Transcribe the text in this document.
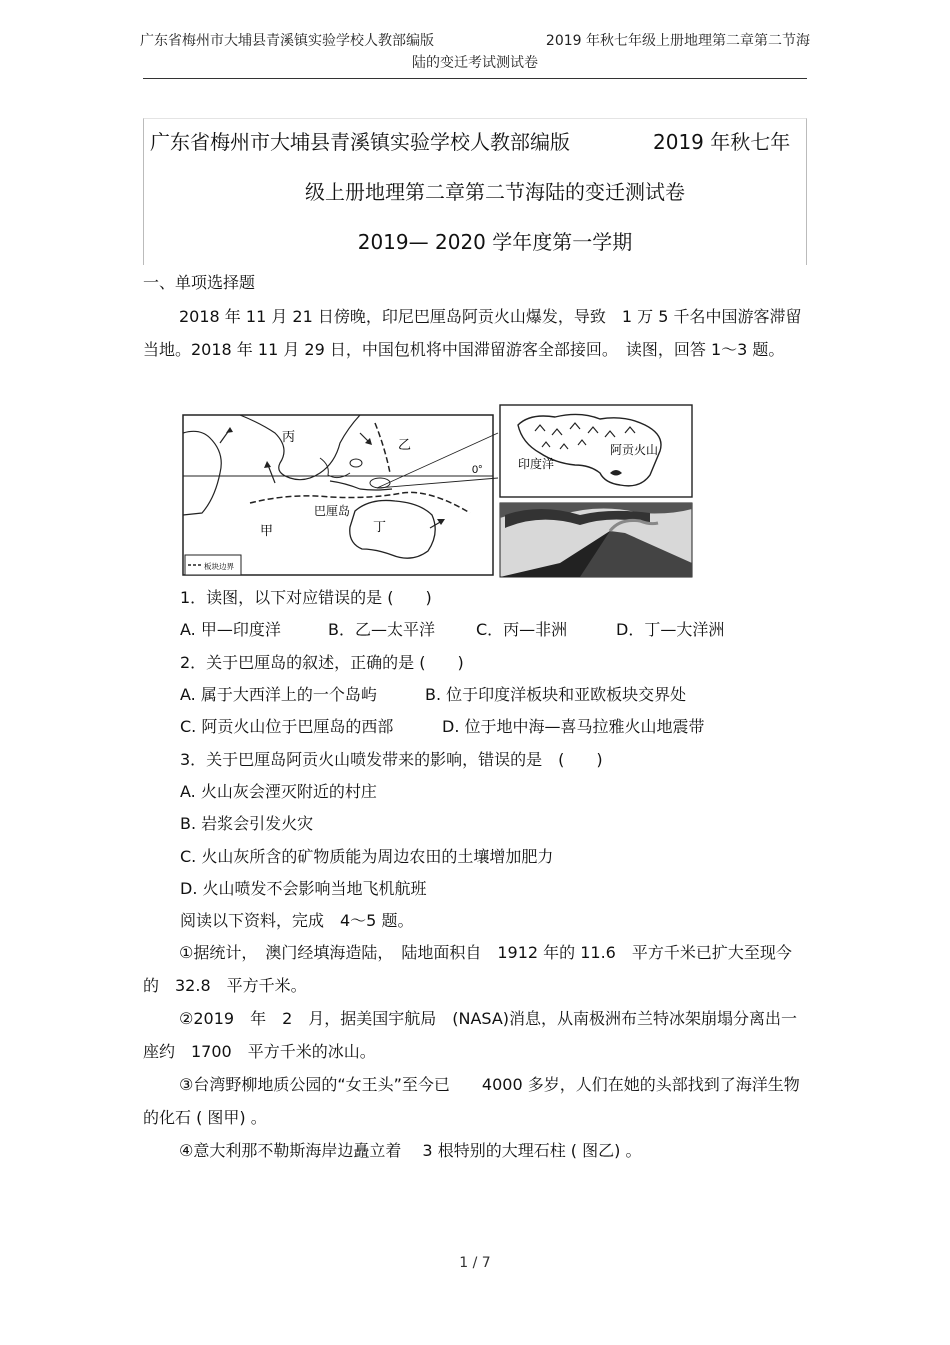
广东省梅州市大埔县青溪镇实验学校人教部编版	2019 年秋七年级上册地理第二章第二节海
陆的变迁考试测试卷
广东省梅州市大埔县青溪镇实验学校人教部编版	2019 年秋七年
级上册地理第二章第二节海陆的变迁测试卷
2019— 2020 学年度第一学期
一、单项选择题
2018 年 11 月 21 日傍晚，印尼巴厘岛阿贡火山爆发，导致　1 万 5 千名中国游客滞留当地。2018 年 11 月 29 日，中国包机将中国滞留游客全部接回。　读图，回答 1～3 题。
丙
乙
甲	丁
巴厘岛
0°
板块边界
印度洋
阿贡火山
1．读图，以下对应错误的是 (　　)
A. 甲—印度洋	B．乙—太平洋	C．丙—非洲	D．丁—大洋洲
2．关于巴厘岛的叙述，正确的是 (　　)
A. 属于大西洋上的一个岛屿	B. 位于印度洋板块和亚欧板块交界处
C. 阿贡火山位于巴厘岛的西部	D. 位于地中海—喜马拉雅火山地震带
3．关于巴厘岛阿贡火山喷发带来的影响，错误的是　(　　)
A. 火山灰会湮灭附近的村庄
B. 岩浆会引发火灾
C. 火山灰所含的矿物质能为周边农田的土壤增加肥力
D. 火山喷发不会影响当地飞机航班
阅读以下资料，完成　4～5 题。
①据统计，　澳门经填海造陆，　陆地面积自　1912 年的 11.6　平方千米已扩大至现今的　32.8　平方千米。
②2019　年　2　月，据美国宇航局　(NASA)消息，从南极洲布兰特冰架崩塌分离出一座约　1700　平方千米的冰山。
③台湾野柳地质公园的“女王头”至今已　　4000 多岁，人们在她的头部找到了海洋生物的化石 ( 图甲) 。
④意大利那不勒斯海岸边矗立着　 3 根特别的大理石柱 ( 图乙) 。
1 / 7
